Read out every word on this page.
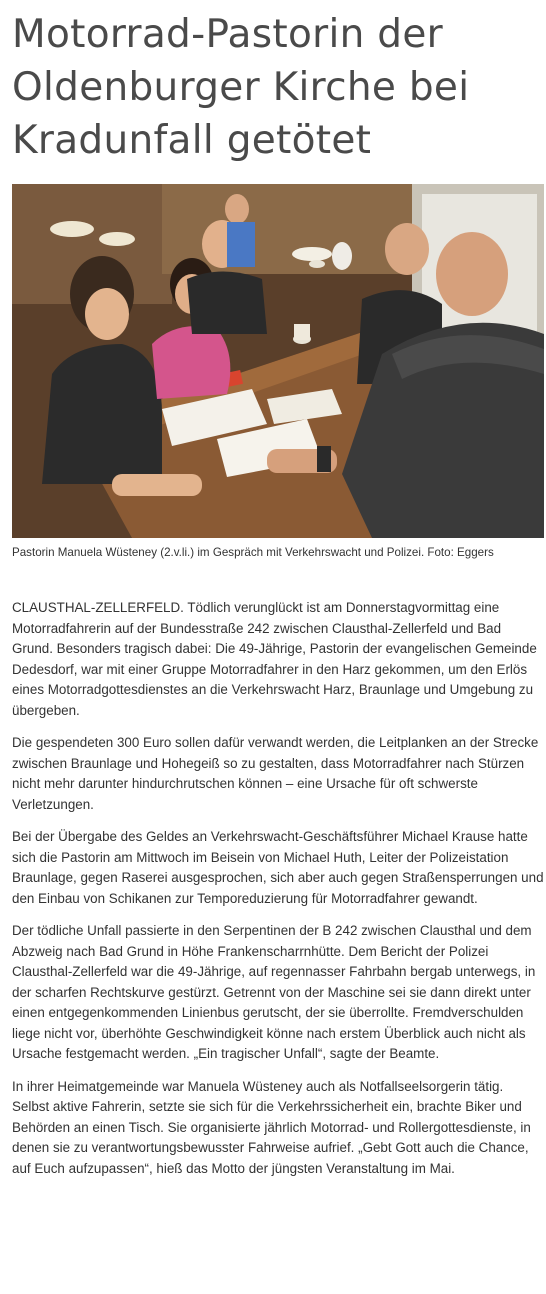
Motorrad-Pastorin der Oldenburger Kirche bei Kradunfall getötet
Pastorin Manuela Wüsteney (2.v.li.) im Gespräch mit Verkehrswacht und Polizei. Foto: Eggers

CLAUSTHAL-ZELLERFELD. Tödlich verunglückt ist am Donnerstagvormittag eine Motorradfahrerin auf der Bundesstraße 242 zwischen Clausthal-Zellerfeld und Bad Grund. Besonders tragisch dabei: Die 49-Jährige, Pastorin der evangelischen Gemeinde Dedesdorf, war mit einer Gruppe Motorradfahrer in den Harz gekommen, um den Erlös eines Motorradgottesdienstes an die Verkehrswacht Harz, Braunlage und Umgebung zu übergeben.

Die gespendeten 300 Euro sollen dafür verwandt werden, die Leitplanken an der Strecke zwischen Braunlage und Hohegeiß so zu gestalten, dass Motorradfahrer nach Stürzen nicht mehr darunter hindurchrutschen können – eine Ursache für oft schwerste Verletzungen.

Bei der Übergabe des Geldes an Verkehrswacht-Geschäftsführer Michael Krause hatte sich die Pastorin am Mittwoch im Beisein von Michael Huth, Leiter der Polizeistation Braunlage, gegen Raserei ausgesprochen, sich aber auch gegen Straßensperrungen und den Einbau von Schikanen zur Temporeduzierung für Motorradfahrer gewandt.

Der tödliche Unfall passierte in den Serpentinen der B 242 zwischen Clausthal und dem Abzweig nach Bad Grund in Höhe Frankenscharrnhütte. Dem Bericht der Polizei Clausthal-Zellerfeld war die 49-Jährige, auf regennasser Fahrbahn bergab unterwegs, in der scharfen Rechtskurve gestürzt. Getrennt von der Maschine sei sie dann direkt unter einen entgegenkommenden Linienbus gerutscht, der sie überrollte. Fremdverschulden liege nicht vor, überhöhte Geschwindigkeit könne nach erstem Überblick auch nicht als Ursache festgemacht werden. „Ein tragischer Unfall“, sagte der Beamte.

In ihrer Heimatgemeinde war Manuela Wüsteney auch als Notfallseelsorgerin tätig. Selbst aktive Fahrerin, setzte sie sich für die Verkehrssicherheit ein, brachte Biker und Behörden an einen Tisch. Sie organisierte jährlich Motorrad- und Rollergottesdienste, in denen sie zu verantwortungsbewusster Fahrweise aufrief. „Gebt Gott auch die Chance, auf Euch aufzupassen“, hieß das Motto der jüngsten Veranstaltung im Mai.
